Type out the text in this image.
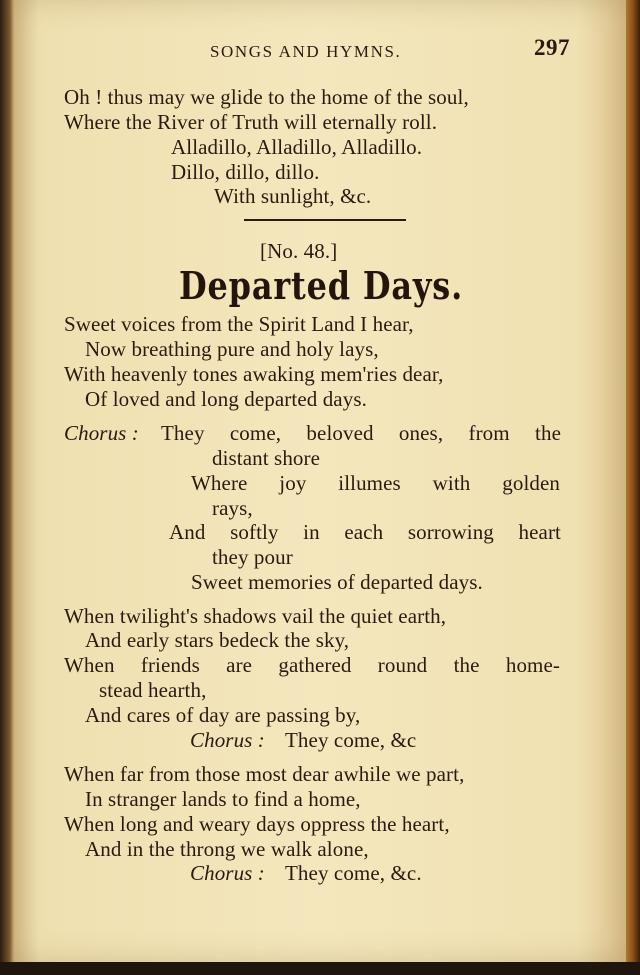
SONGS AND HYMNS.	297
Oh ! thus may we glide to the home of the soul,
Where the River of Truth will eternally roll.
Alladillo, Alladillo, Alladillo.
Dillo, dillo, dillo.
With sunlight, &c.
[No. 48.]
Departed Days.
Sweet voices from the Spirit Land I hear,
Now breathing pure and holy lays,
With heavenly tones awaking mem'ries dear,
Of loved and long departed days.
Chorus : They come, beloved ones, from the
distant shore
Where joy illumes with golden
rays,
And softly in each sorrowing heart
they pour
Sweet memories of departed days.
When twilight's shadows vail the quiet earth,
And early stars bedeck the sky,
When friends are gathered round the home-
stead hearth,
And cares of day are passing by,
Chorus : They come, &c
When far from those most dear awhile we part,
In stranger lands to find a home,
When long and weary days oppress the heart,
And in the throng we walk alone,
Chorus : They come, &c.
